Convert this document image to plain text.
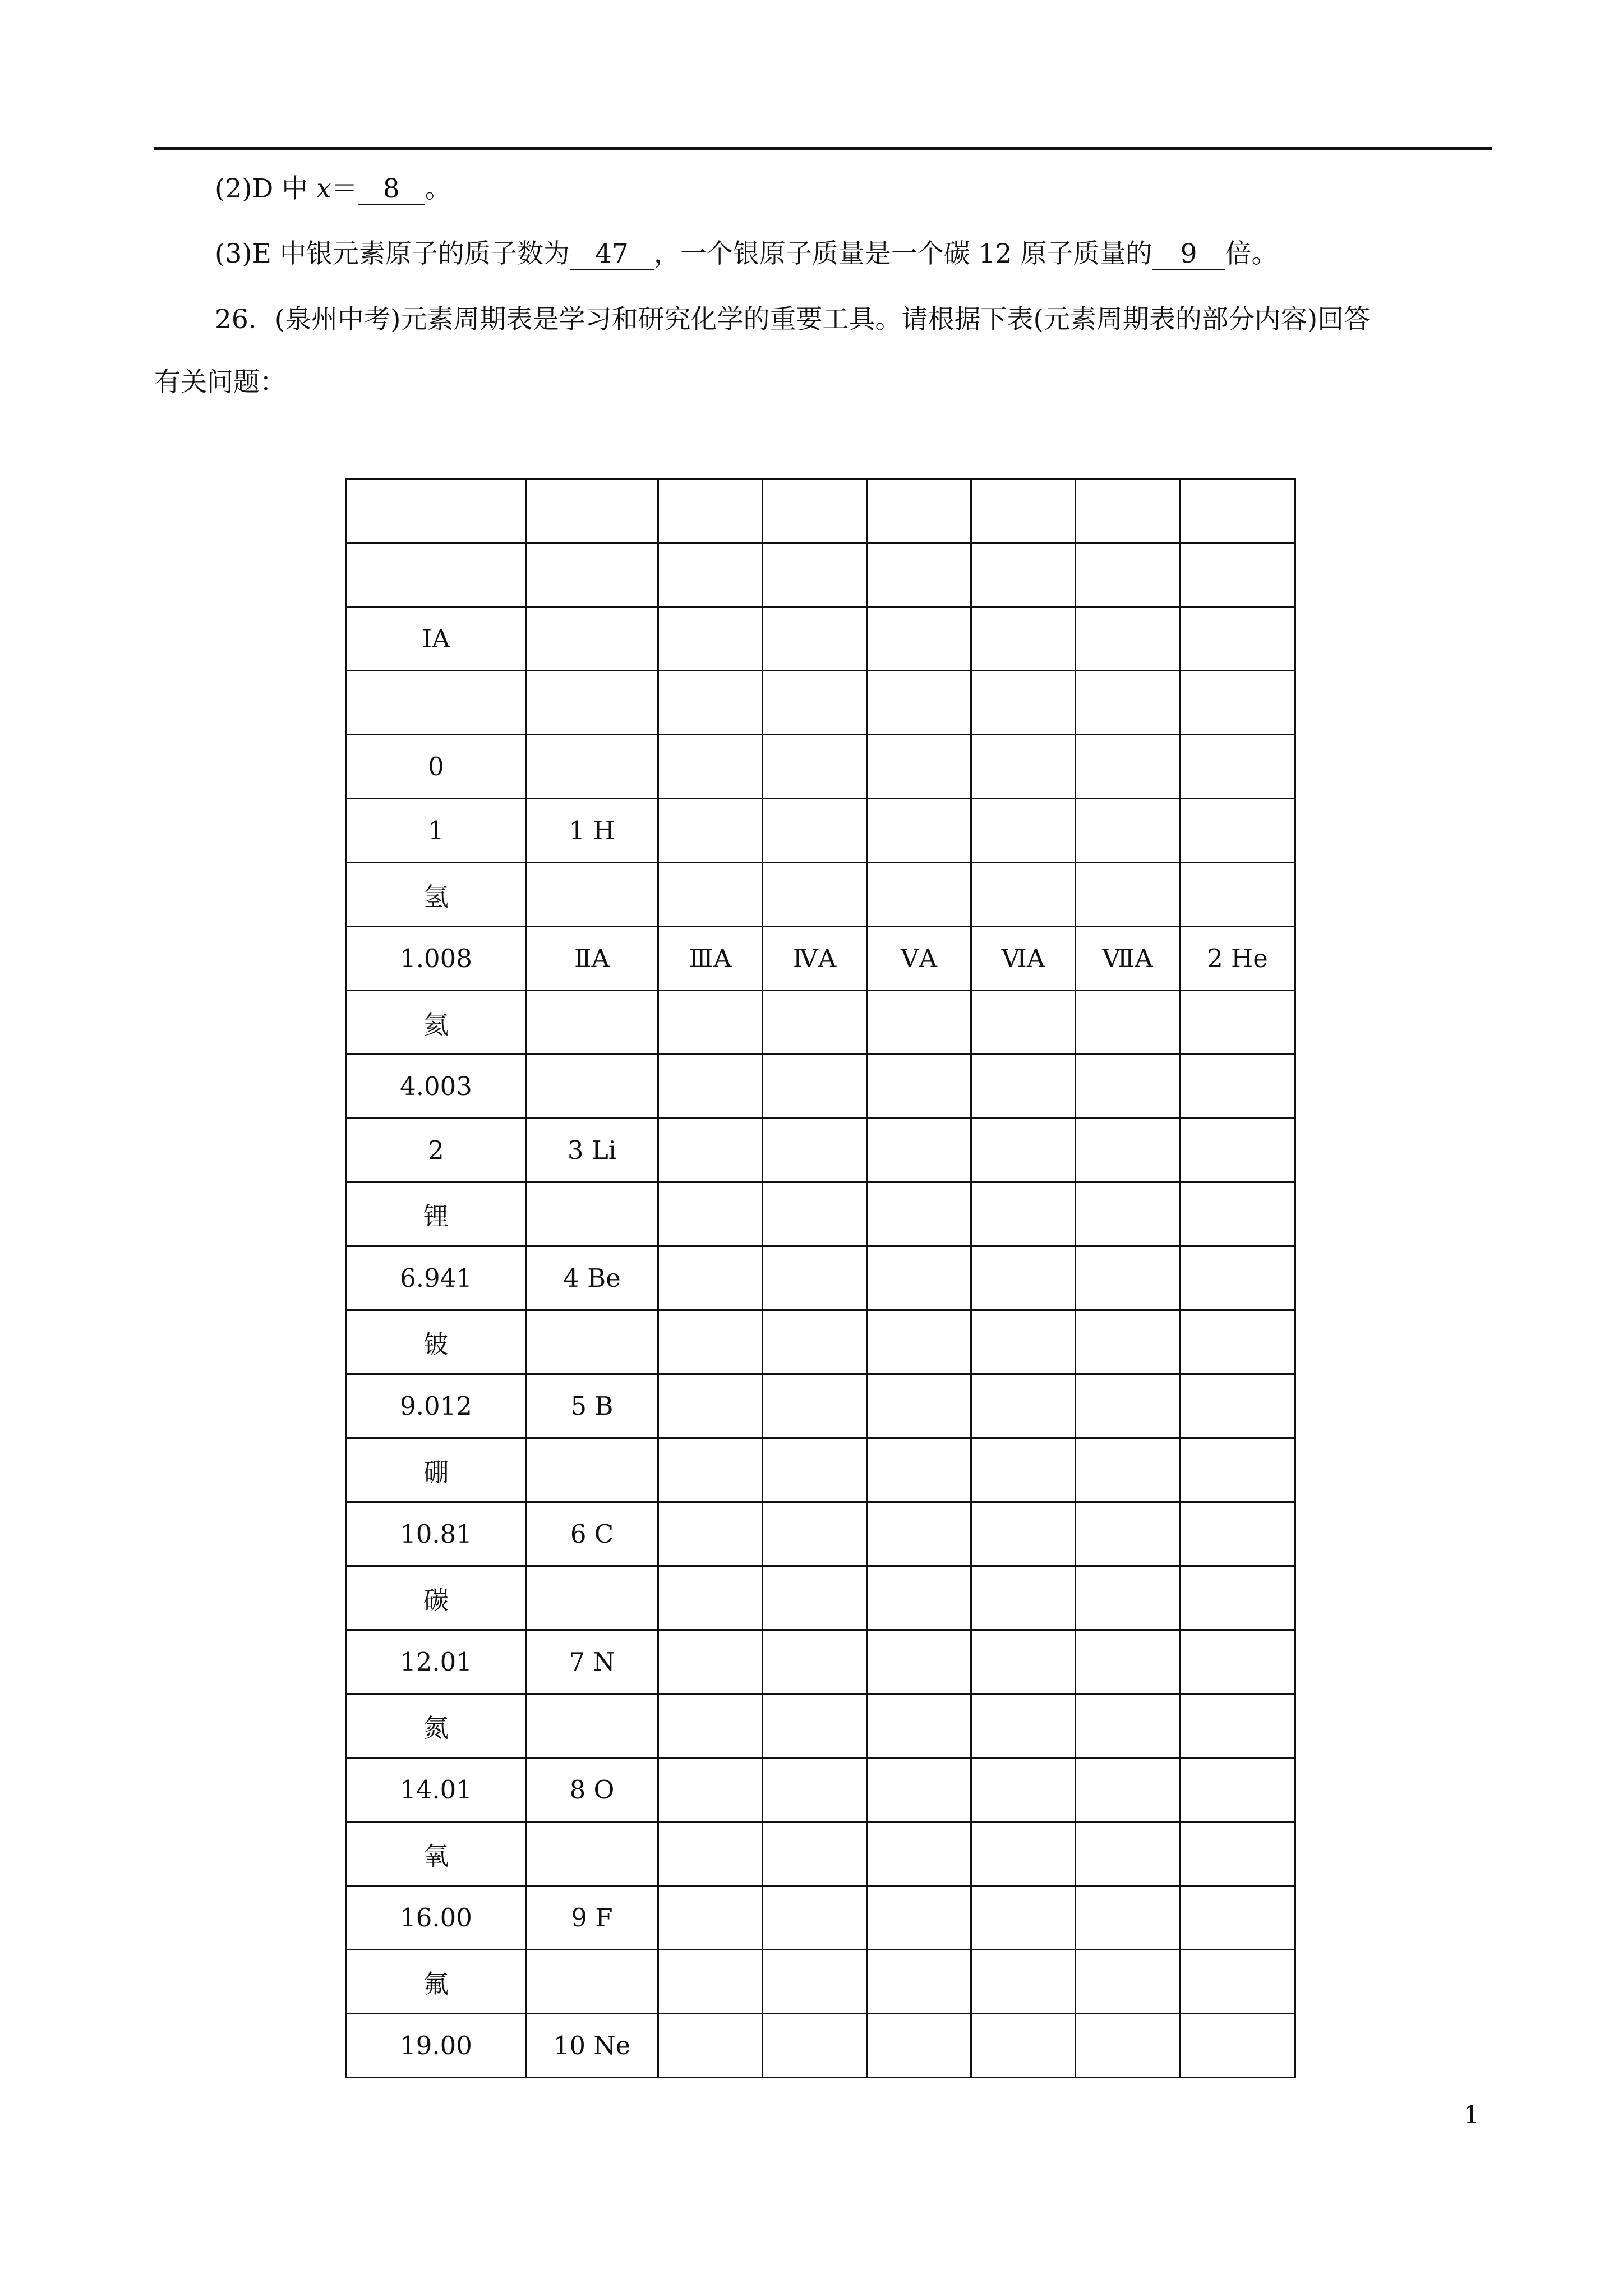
(2)D 中 x＝ 8 。
(3)E 中银元素原子的质子数为 47 ，一个银原子质量是一个碳 12 原子质量的 9 倍。
26．(泉州中考)元素周期表是学习和研究化学的重要工具。请根据下表(元素周期表的部分内容)回答
有关问题：

ⅠA							

0							
1	1 H						
氢							
1.008	ⅡA	ⅢA	ⅣA	ⅤA	ⅥA	ⅦA	2 He
氦							
4.003							
2	3 Li						
锂							
6.941	4 Be						
铍							
9.012	5 B						
硼							
10.81	6 C						
碳							
12.01	7 N						
氮							
14.01	8 O						
氧							
16.00	9 F						
氟							
19.00	10 Ne						
1
